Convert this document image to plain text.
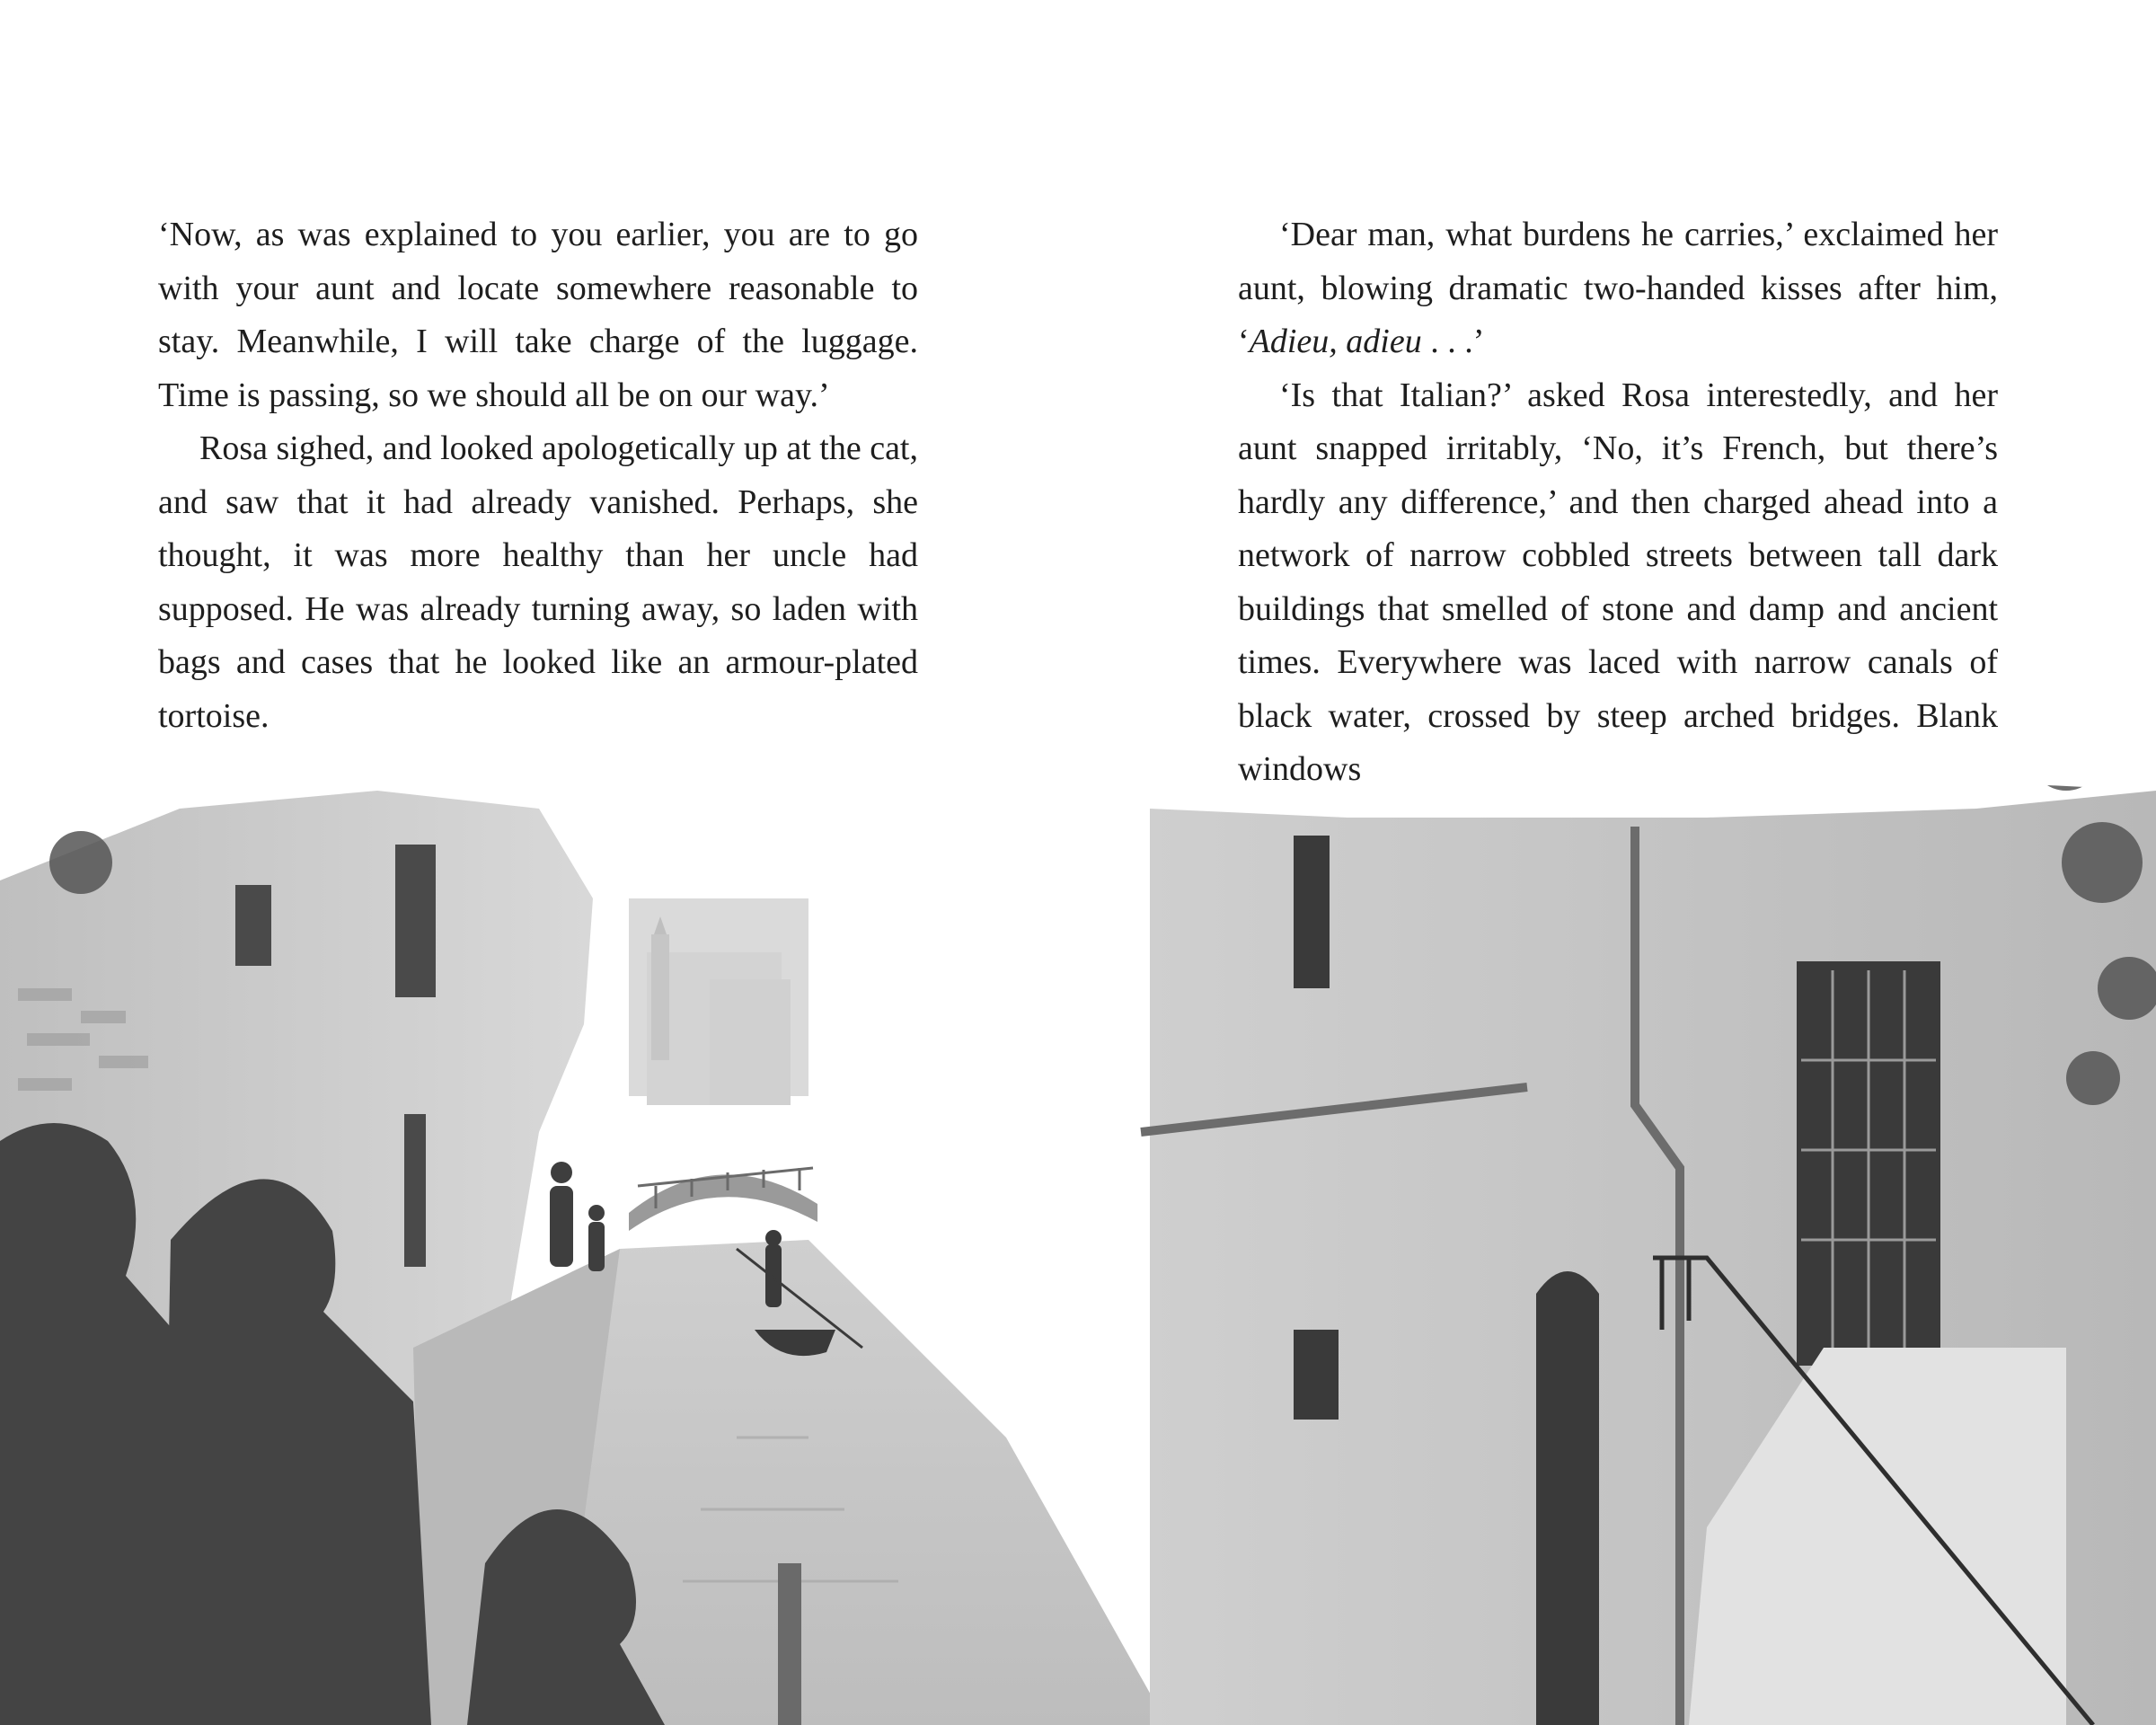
‘Now, as was explained to you earlier, you are to go with your aunt and locate somewhere reasonable to stay. Meanwhile, I will take charge of the luggage. Time is passing, so we should all be on our way.’

Rosa sighed, and looked apologetically up at the cat, and saw that it had already vanished. Perhaps, she thought, it was more healthy than her uncle had supposed. He was already turning away, so laden with bags and cases that he looked like an armour-plated tortoise.

‘Dear man, what burdens he carries,’ exclaimed her aunt, blowing dramatic two-handed kisses after him, ‘Adieu, adieu . . .’

‘Is that Italian?’ asked Rosa interestedly, and her aunt snapped irritably, ‘No, it’s French, but there’s hardly any difference,’ and then charged ahead into a network of narrow cobbled streets between tall dark buildings that smelled of stone and damp and ancient times. Everywhere was laced with narrow canals of black water, crossed by steep arched bridges. Blank windows
